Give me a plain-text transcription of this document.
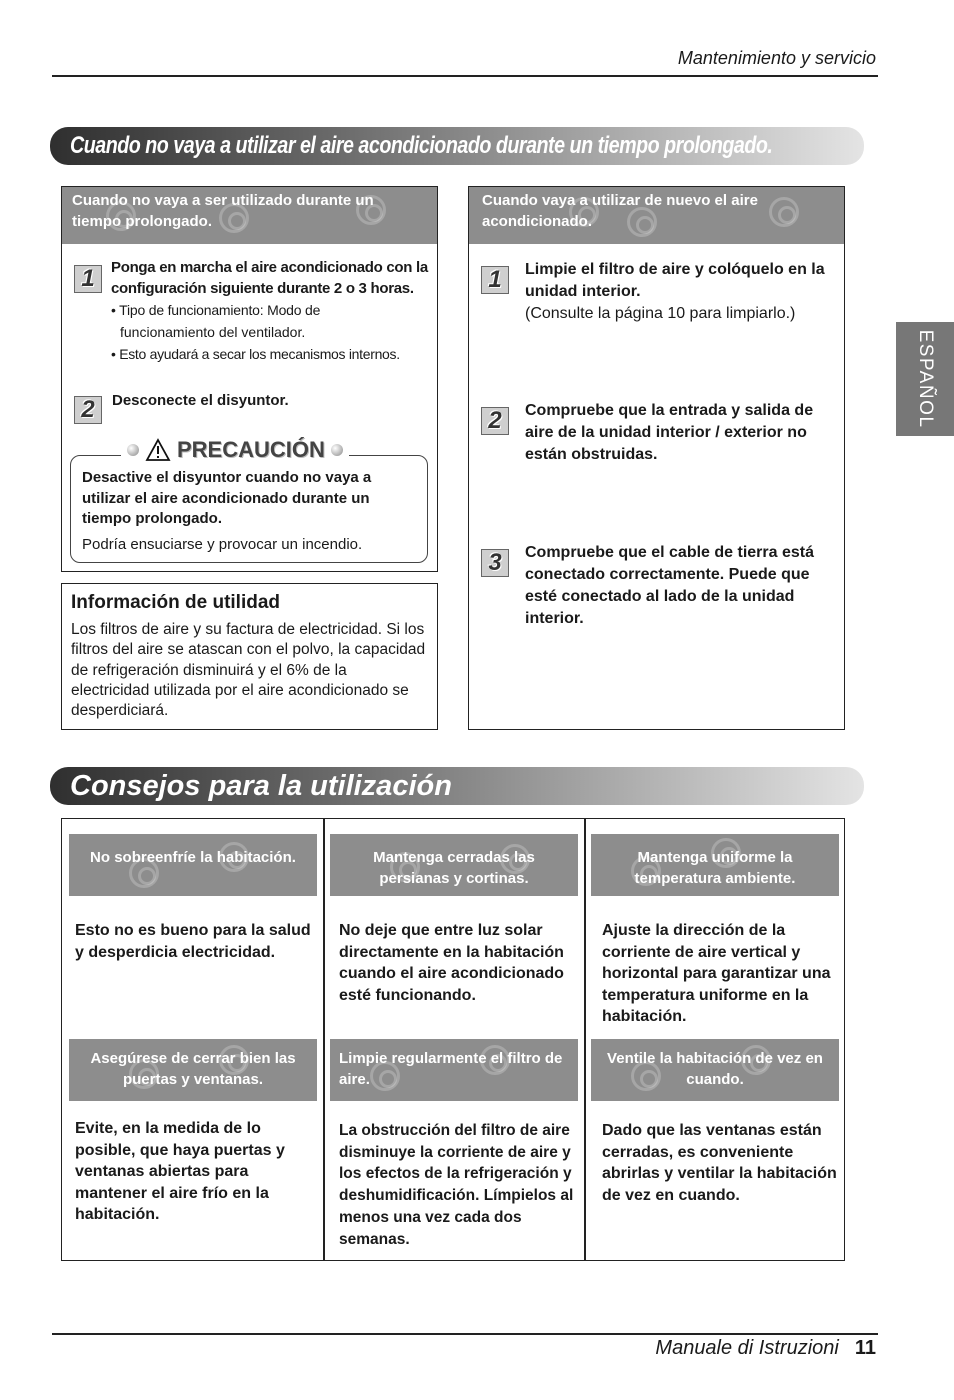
Mantenimiento y servicio
ESPAÑOL
Cuando no vaya a utilizar el aire acondicionado durante un tiempo prolongado.
Cuando no vaya a ser utilizado durante un tiempo prolongado.
1	Ponga en marcha el aire acondicionado con la
configuración siguiente durante 2 o 3 horas.
• Tipo de funcionamiento: Modo de
funcionamiento del ventilador.
• Esto ayudará a secar los mecanismos internos.
2	Desconecte el disyuntor.
PRECAUCIÓN
Desactive el disyuntor cuando no vaya a utilizar el aire acondicionado durante un tiempo prolongado.
Podría ensuciarse y provocar un incendio.
Información de utilidad
Los filtros de aire y su factura de electricidad. Si los filtros del aire se atascan con el polvo, la capacidad de refrigeración disminuirá y el 6% de la electricidad utilizada por el aire acondicionado se desperdiciará.
Cuando vaya a utilizar de nuevo el aire acondicionado.
1	Limpie el filtro de aire y colóquelo en la unidad interior.
(Consulte la página 10 para limpiarlo.)
2	Compruebe que la entrada y salida de aire de la unidad interior / exterior no están obstruidas.
3	Compruebe que el cable de tierra está conectado correctamente. Puede que esté conectado al lado de la unidad interior.
Consejos para la utilización
No sobreenfríe la habitación.
Esto no es bueno para la salud y desperdicia electricidad.
Mantenga cerradas las persianas y cortinas.
No deje que entre luz solar directamente en la habitación cuando el aire acondicionado esté funcionando.
Mantenga uniforme la temperatura ambiente.
Ajuste la dirección de la corriente de aire vertical y horizontal para garantizar una temperatura uniforme en la habitación.
Asegúrese de cerrar bien las puertas y ventanas.
Evite, en la medida de lo posible, que haya puertas y ventanas abiertas para mantener el aire frío en la habitación.
Limpie regularmente el filtro de aire.
La obstrucción del filtro de aire disminuye la corriente de aire y los efectos de la refrigeración y deshumidificación. Límpielos al menos una vez cada dos semanas.
Ventile la habitación de vez en cuando.
Dado que las ventanas están cerradas, es conveniente abrirlas y ventilar la habitación de vez en cuando.
Manuale di Istruzioni 11
